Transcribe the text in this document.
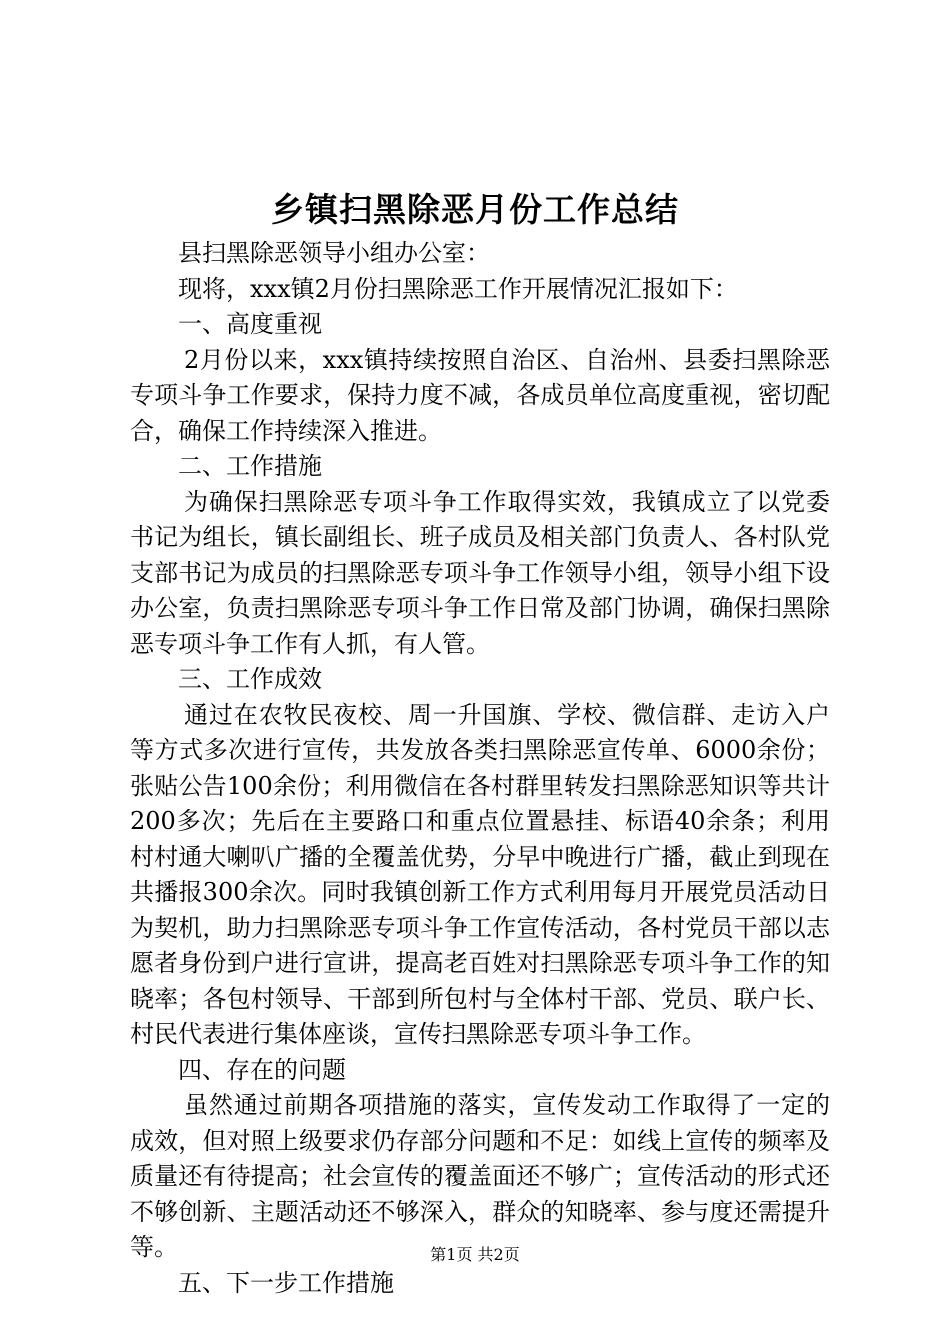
乡镇扫黑除恶月份工作总结

县扫黑除恶领导小组办公室：

现将，xxx镇2月份扫黑除恶工作开展情况汇报如下：

一、高度重视

2月份以来，xxx镇持续按照自治区、自治州、县委扫黑除恶专项斗争工作要求，保持力度不减，各成员单位高度重视，密切配合，确保工作持续深入推进。

二、工作措施

为确保扫黑除恶专项斗争工作取得实效，我镇成立了以党委书记为组长，镇长副组长、班子成员及相关部门负责人、各村队党支部书记为成员的扫黑除恶专项斗争工作领导小组，领导小组下设办公室，负责扫黑除恶专项斗争工作日常及部门协调，确保扫黑除恶专项斗争工作有人抓，有人管。

三、工作成效

通过在农牧民夜校、周一升国旗、学校、微信群、走访入户等方式多次进行宣传，共发放各类扫黑除恶宣传单、6000余份；张贴公告100余份；利用微信在各村群里转发扫黑除恶知识等共计200多次；先后在主要路口和重点位置悬挂、标语40余条；利用村村通大喇叭广播的全覆盖优势，分早中晚进行广播，截止到现在共播报300余次。同时我镇创新工作方式利用每月开展党员活动日为契机，助力扫黑除恶专项斗争工作宣传活动，各村党员干部以志愿者身份到户进行宣讲，提高老百姓对扫黑除恶专项斗争工作的知晓率；各包村领导、干部到所包村与全体村干部、党员、联户长、村民代表进行集体座谈，宣传扫黑除恶专项斗争工作。

四、存在的问题

虽然通过前期各项措施的落实，宣传发动工作取得了一定的成效，但对照上级要求仍存部分问题和不足：如线上宣传的频率及质量还有待提高；社会宣传的覆盖面还不够广；宣传活动的形式还不够创新、主题活动还不够深入，群众的知晓率、参与度还需提升等。

五、下一步工作措施

第1页 共2页
